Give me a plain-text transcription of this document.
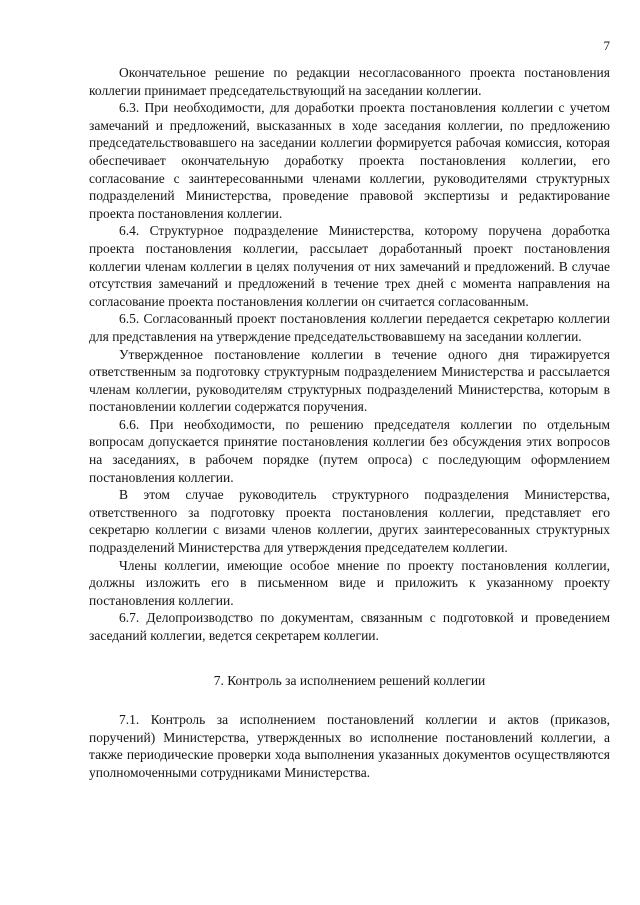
7

Окончательное решение по редакции несогласованного проекта постановления коллегии принимает председательствующий на заседании коллегии.

6.3. При необходимости, для доработки проекта постановления коллегии с учетом замечаний и предложений, высказанных в ходе заседания коллегии, по предложению председательствовавшего на заседании коллегии формируется рабочая комиссия, которая обеспечивает окончательную доработку проекта постановления коллегии, его согласование с заинтересованными членами коллегии, руководителями структурных подразделений Министерства, проведение правовой экспертизы и редактирование проекта постановления коллегии.

6.4. Структурное подразделение Министерства, которому поручена доработка проекта постановления коллегии, рассылает доработанный проект постановления коллегии членам коллегии в целях получения от них замечаний и предложений. В случае отсутствия замечаний и предложений в течение трех дней с момента направления на согласование проекта постановления коллегии он считается согласованным.

6.5. Согласованный проект постановления коллегии передается секретарю коллегии для представления на утверждение председательствовавшему на заседании коллегии.

Утвержденное постановление коллегии в течение одного дня тиражируется ответственным за подготовку структурным подразделением Министерства и рассылается членам коллегии, руководителям структурных подразделений Министерства, которым в постановлении коллегии содержатся поручения.

6.6. При необходимости, по решению председателя коллегии по отдельным вопросам допускается принятие постановления коллегии без обсуждения этих вопросов на заседаниях, в рабочем порядке (путем опроса) с последующим оформлением постановления коллегии.

В этом случае руководитель структурного подразделения Министерства, ответственного за подготовку проекта постановления коллегии, представляет его секретарю коллегии с визами членов коллегии, других заинтересованных структурных подразделений Министерства для утверждения председателем коллегии.

Члены коллегии, имеющие особое мнение по проекту постановления коллегии, должны изложить его в письменном виде и приложить к указанному проекту постановления коллегии.

6.7. Делопроизводство по документам, связанным с подготовкой и проведением заседаний коллегии, ведется секретарем коллегии.

7. Контроль за исполнением решений коллегии

7.1. Контроль за исполнением постановлений коллегии и актов (приказов, поручений) Министерства, утвержденных во исполнение постановлений коллегии, а также периодические проверки хода выполнения указанных документов осуществляются уполномоченными сотрудниками Министерства.
